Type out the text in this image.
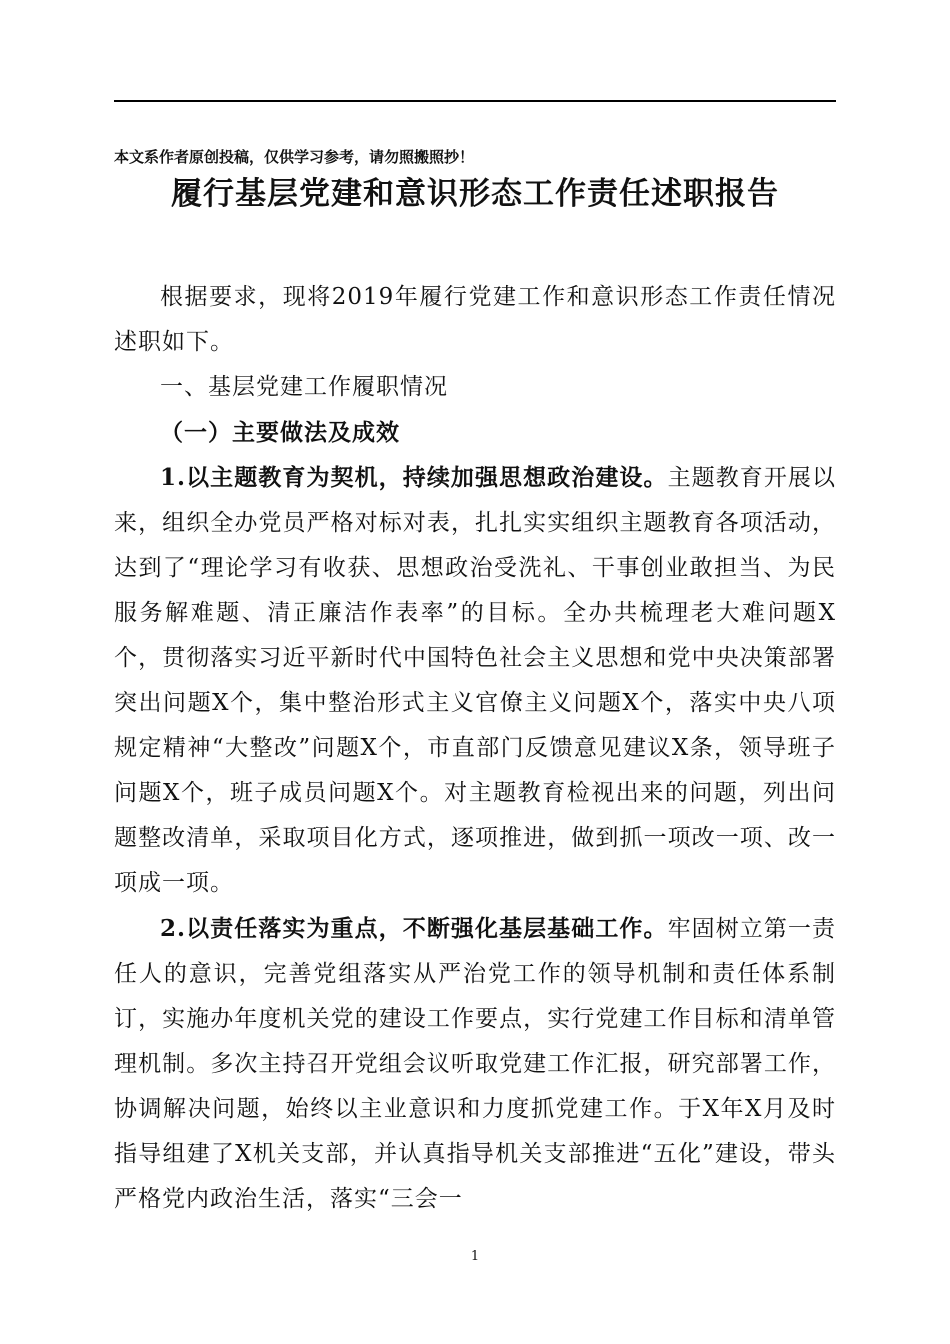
本文系作者原创投稿，仅供学习参考，请勿照搬照抄！
履行基层党建和意识形态工作责任述职报告

根据要求，现将2019年履行党建工作和意识形态工作责任情况述职如下。

一、基层党建工作履职情况

（一）主要做法及成效

1.以主题教育为契机，持续加强思想政治建设。主题教育开展以来，组织全办党员严格对标对表，扎扎实实组织主题教育各项活动，达到了“理论学习有收获、思想政治受洗礼、干事创业敢担当、为民服务解难题、清正廉洁作表率”的目标。全办共梳理老大难问题X个，贯彻落实习近平新时代中国特色社会主义思想和党中央决策部署突出问题X个，集中整治形式主义官僚主义问题X个，落实中央八项规定精神“大整改”问题X个，市直部门反馈意见建议X条，领导班子问题X个，班子成员问题X个。对主题教育检视出来的问题，列出问题整改清单，采取项目化方式，逐项推进，做到抓一项改一项、改一项成一项。

2.以责任落实为重点，不断强化基层基础工作。牢固树立第一责任人的意识，完善党组落实从严治党工作的领导机制和责任体系制订，实施办年度机关党的建设工作要点，实行党建工作目标和清单管理机制。多次主持召开党组会议听取党建工作汇报，研究部署工作，协调解决问题，始终以主业意识和力度抓党建工作。于X年X月及时指导组建了X机关支部，并认真指导机关支部推进“五化”建设，带头严格党内政治生活，落实“三会一

1
